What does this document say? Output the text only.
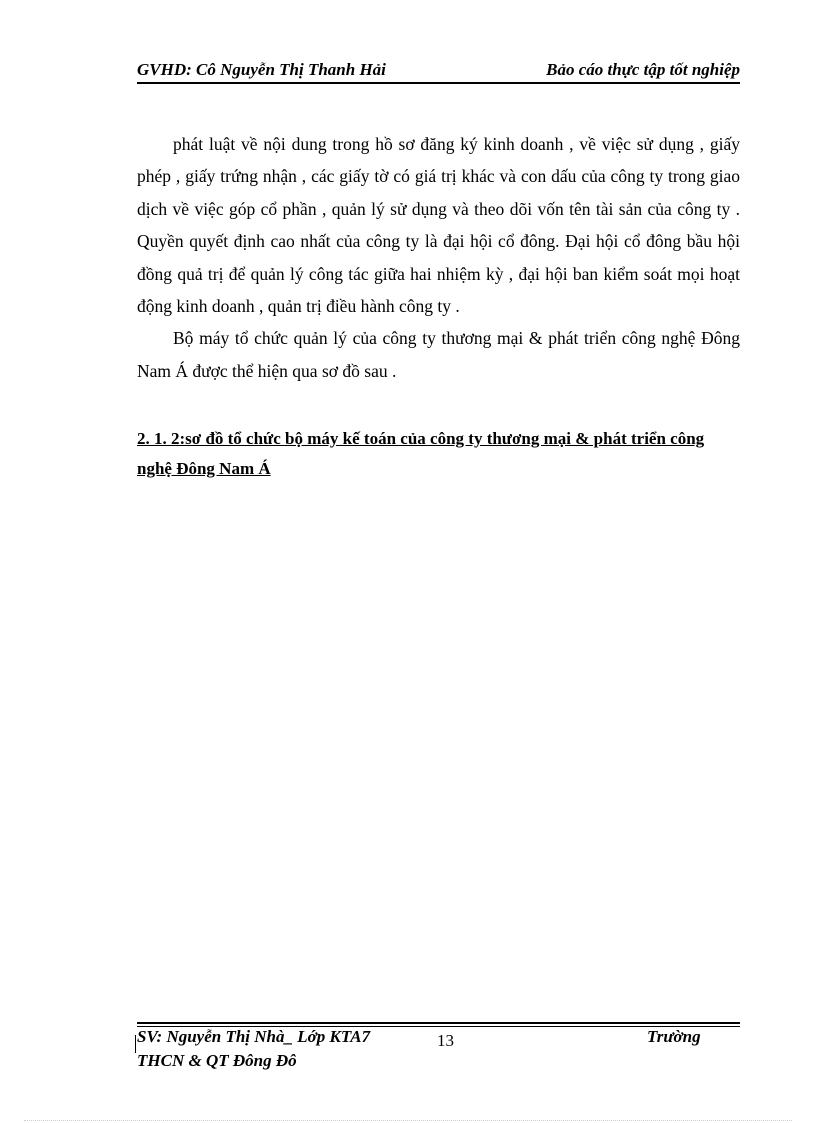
GVHD: Cô Nguyễn Thị Thanh Hải	Bảo cáo thực tập tốt nghiệp

phát luật về nội dung trong hồ sơ đăng ký kinh doanh , về việc sử dụng , giấy phép , giấy trứng nhận , các giấy tờ có giá trị khác và con dấu của công ty trong giao dịch về việc góp cổ phần , quản lý sử dụng và theo dõi vốn tên tài sản của công ty . Quyền quyết định cao nhất của công ty là đại hội cổ đông. Đại hội cổ đông bầu hội đồng quả trị để quản lý công tác giữa hai nhiệm kỳ , đại hội ban kiểm soát mọi hoạt động kinh doanh , quản trị điều hành công ty .

Bộ máy tổ chức quản lý của công ty thương mại & phát triển công nghệ Đông Nam Á được thể hiện qua sơ đồ sau .

2. 1. 2:sơ đồ tổ chức bộ máy kế toán của công ty thương mại & phát triển công nghệ Đông Nam Á
SV: Nguyễn Thị Nhà_ Lớp KTA7	13	Trường
THCN & QT Đông Đô
